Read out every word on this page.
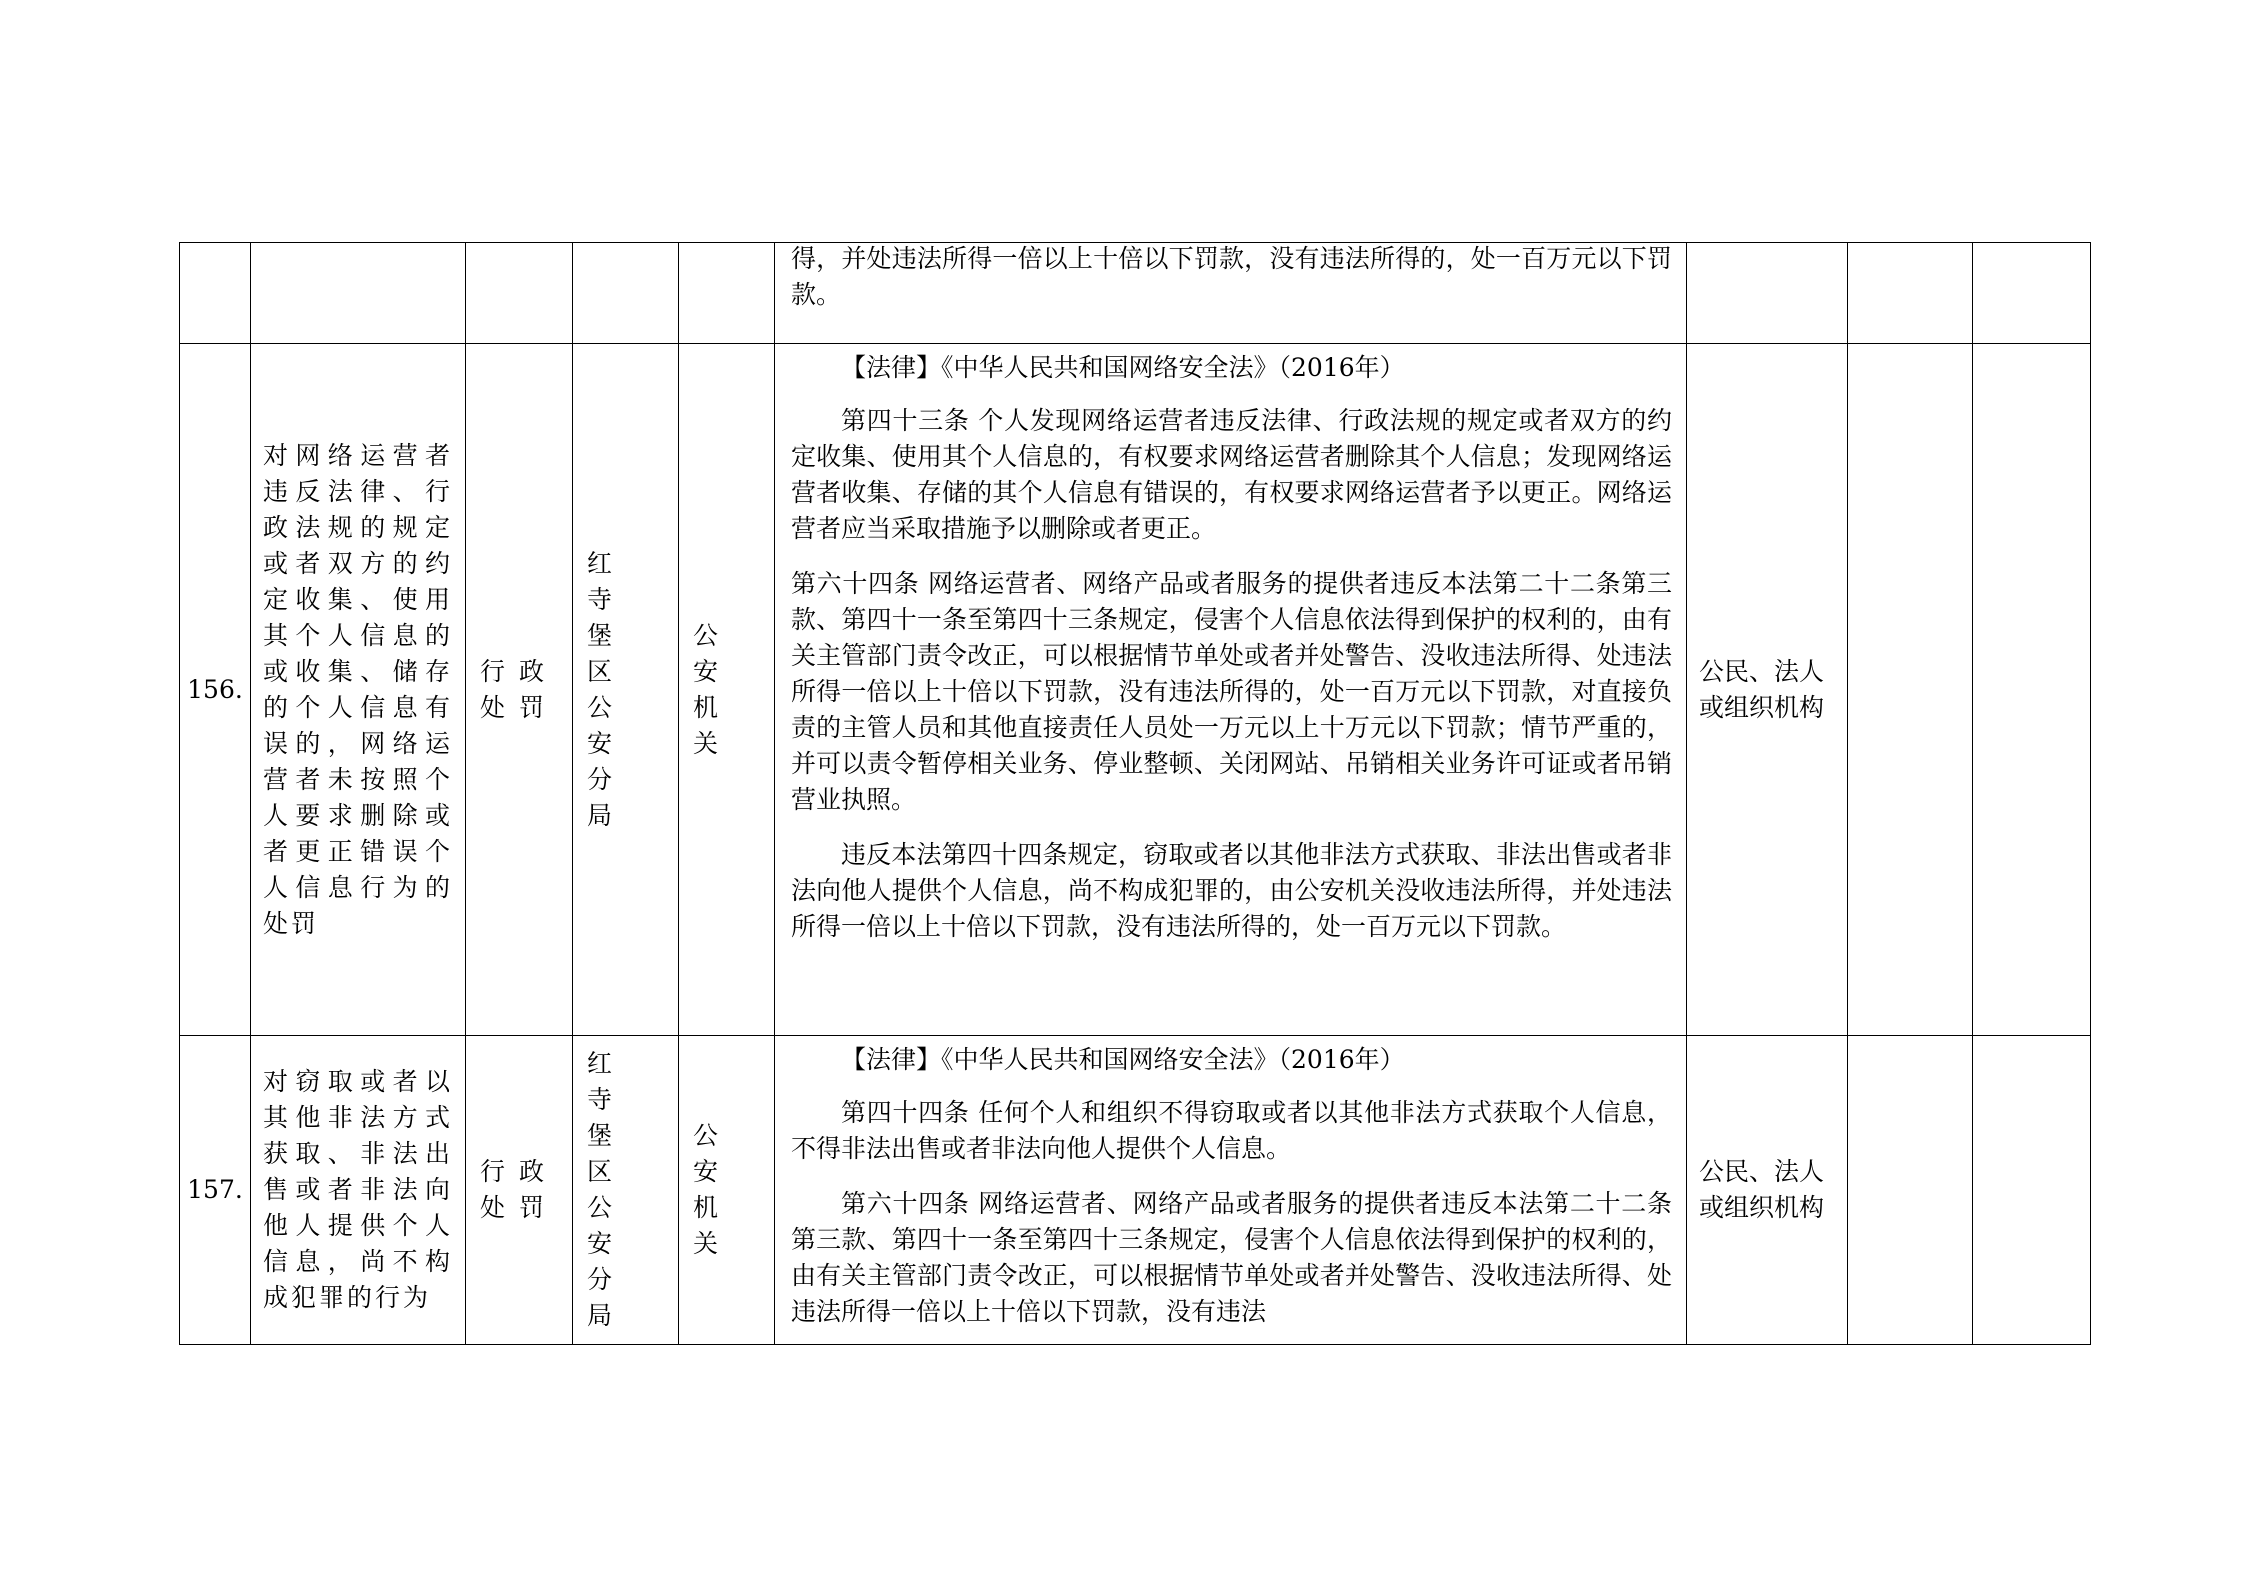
					得，并处违法所得一倍以上十倍以下罚款，没有违法所得的，处一百万元以下罚款。			

156.	对网络运营者违反法律、行政法规的规定或者双方的约定收集、使用其个人信息的或收集、储存的个人信息有误的，网络运营者未按照个人要求删除或者更正错误个人信息行为的处罚	行政处罚	红寺堡区公安分局	公安机关	【法律】《中华人民共和国网络安全法》（2016年）

第四十三条 个人发现网络运营者违反法律、行政法规的规定或者双方的约定收集、使用其个人信息的，有权要求网络运营者删除其个人信息；发现网络运营者收集、存储的其个人信息有错误的，有权要求网络运营者予以更正。网络运营者应当采取措施予以删除或者更正。

第六十四条 网络运营者、网络产品或者服务的提供者违反本法第二十二条第三款、第四十一条至第四十三条规定，侵害个人信息依法得到保护的权利的，由有关主管部门责令改正，可以根据情节单处或者并处警告、没收违法所得、处违法所得一倍以上十倍以下罚款，没有违法所得的，处一百万元以下罚款，对直接负责的主管人员和其他直接责任人员处一万元以上十万元以下罚款；情节严重的，并可以责令暂停相关业务、停业整顿、关闭网站、吊销相关业务许可证或者吊销营业执照。

违反本法第四十四条规定，窃取或者以其他非法方式获取、非法出售或者非法向他人提供个人信息，尚不构成犯罪的，由公安机关没收违法所得，并处违法所得一倍以上十倍以下罚款，没有违法所得的，处一百万元以下罚款。	公民、法人或组织机构		
157.	对窃取或者以其他非法方式获取、非法出售或者非法向他人提供个人信息，尚不构成犯罪的行为	行政处罚	红寺堡区公安分局	公安机关	【法律】《中华人民共和国网络安全法》（2016年）

第四十四条 任何个人和组织不得窃取或者以其他非法方式获取个人信息，不得非法出售或者非法向他人提供个人信息。

第六十四条 网络运营者、网络产品或者服务的提供者违反本法第二十二条第三款、第四十一条至第四十三条规定，侵害个人信息依法得到保护的权利的，由有关主管部门责令改正，可以根据情节单处或者并处警告、没收违法所得、处违法所得一倍以上十倍以下罚款，没有违法	公民、法人或组织机构		
